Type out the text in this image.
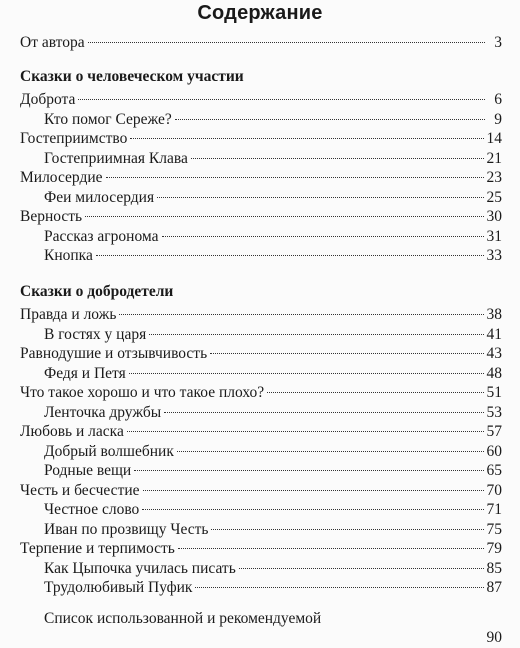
Содержание
От автора	3
Сказки о человеческом участии
Доброта	6
Кто помог Сереже?	9
Гостеприимство	14
Гостеприимная Клава	21
Милосердие	23
Феи милосердия	25
Верность	30
Рассказ агронома	31
Кнопка	33
Сказки о добродетели
Правда и ложь	38
В гостях у царя	41
Равнодушие и отзывчивость	43
Федя и Петя	48
Что такое хорошо и что такое плохо?	51
Ленточка дружбы	53
Любовь и ласка	57
Добрый волшебник	60
Родные вещи	65
Честь и бесчестие	70
Честное слово	71
Иван по прозвищу Честь	75
Терпение и терпимость	79
Как Цыпочка училась писать	85
Трудолюбивый Пуфик	87
Список использованной и рекомендуемой
90
